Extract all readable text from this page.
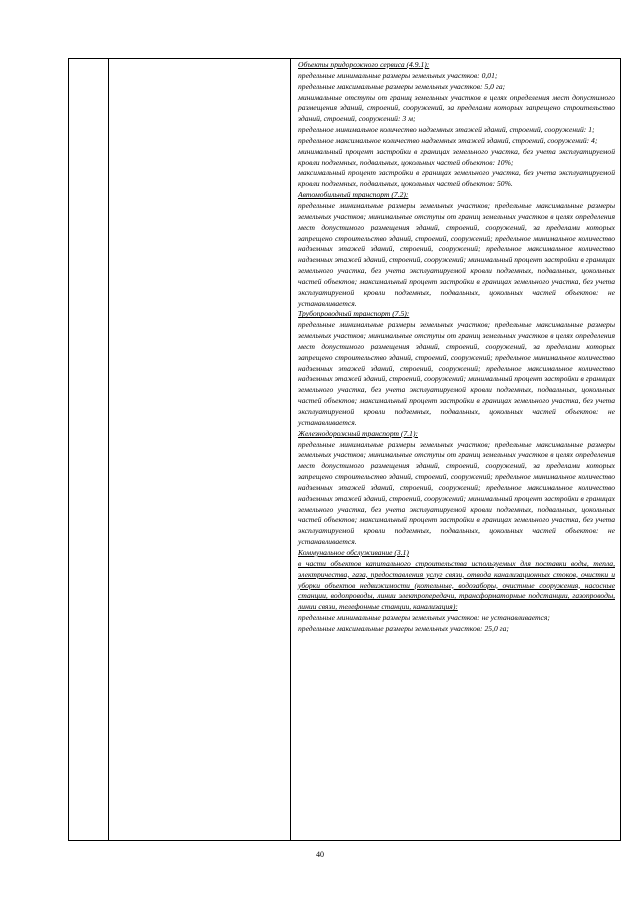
Объекты придорожного сервиса (4.9.1):

предельные минимальные размеры земельных участков: 0,01;

предельные максимальные размеры земельных участков: 5,0 га;

минимальные отступы от границ земельных участков в целях определения мест допустимого размещения зданий, строений, сооружений, за пределами которых запрещено строительство зданий, строений, сооружений: 3 м;

предельное минимальное количество надземных этажей зданий, строений, сооружений: 1;

предельное максимальное количество надземных этажей зданий, строений, сооружений: 4;

минимальный процент застройки в границах земельного участка, без учета эксплуатируемой кровли подземных, подвальных, цокольных частей объектов: 10%;

максимальный процент застройки в границах земельного участка, без учета эксплуатируемой кровли подземных, подвальных, цокольных частей объектов: 50%.

Автомобильный транспорт (7.2):

предельные минимальные размеры земельных участков; предельные максимальные размеры земельных участков; минимальные отступы от границ земельных участков в целях определения мест допустимого размещения зданий, строений, сооружений, за пределами которых запрещено строительство зданий, строений, сооружений; предельное минимальное количество надземных этажей зданий, строений, сооружений; предельное максимальное количество надземных этажей зданий, строений, сооружений; минимальный процент застройки в границах земельного участка, без учета эксплуатируемой кровли подземных, подвальных, цокольных частей объектов; максимальный процент застройки в границах земельного участка, без учета эксплуатируемой кровли подземных, подвальных, цокольных частей объектов: не устанавливается.

Трубопроводный транспорт (7.5):

предельные минимальные размеры земельных участков; предельные максимальные размеры земельных участков; минимальные отступы от границ земельных участков в целях определения мест допустимого размещения зданий, строений, сооружений, за пределами которых запрещено строительство зданий, строений, сооружений; предельное минимальное количество надземных этажей зданий, строений, сооружений; предельное максимальное количество надземных этажей зданий, строений, сооружений; минимальный процент застройки в границах земельного участка, без учета эксплуатируемой кровли подземных, подвальных, цокольных частей объектов; максимальный процент застройки в границах земельного участка, без учета эксплуатируемой кровли подземных, подвальных, цокольных частей объектов: не устанавливается.

Железнодорожный транспорт (7.1):

предельные минимальные размеры земельных участков; предельные максимальные размеры земельных участков; минимальные отступы от границ земельных участков в целях определения мест допустимого размещения зданий, строений, сооружений, за пределами которых запрещено строительство зданий, строений, сооружений; предельное минимальное количество надземных этажей зданий, строений, сооружений; предельное максимальное количество надземных этажей зданий, строений, сооружений; минимальный процент застройки в границах земельного участка, без учета эксплуатируемой кровли подземных, подвальных, цокольных частей объектов; максимальный процент застройки в границах земельного участка, без учета эксплуатируемой кровли подземных, подвальных, цокольных частей объектов: не устанавливается.

Коммунальное обслуживание (3.1)

в части объектов капитального строительства используемых для поставки воды, тепла, электричества, газа, предоставления услуг связи, отвода канализационных стоков, очистки и уборки объектов недвижимости (котельные, водозаборы, очистные сооружения, насосные станции, водопроводы, линии электропередачи, трансформаторные подстанции, газопроводы, линии связи, телефонные станции, канализация):

предельные минимальные размеры земельных участков: не устанавливается;

предельные максимальные размеры земельных участков: 25,0 га;

40
